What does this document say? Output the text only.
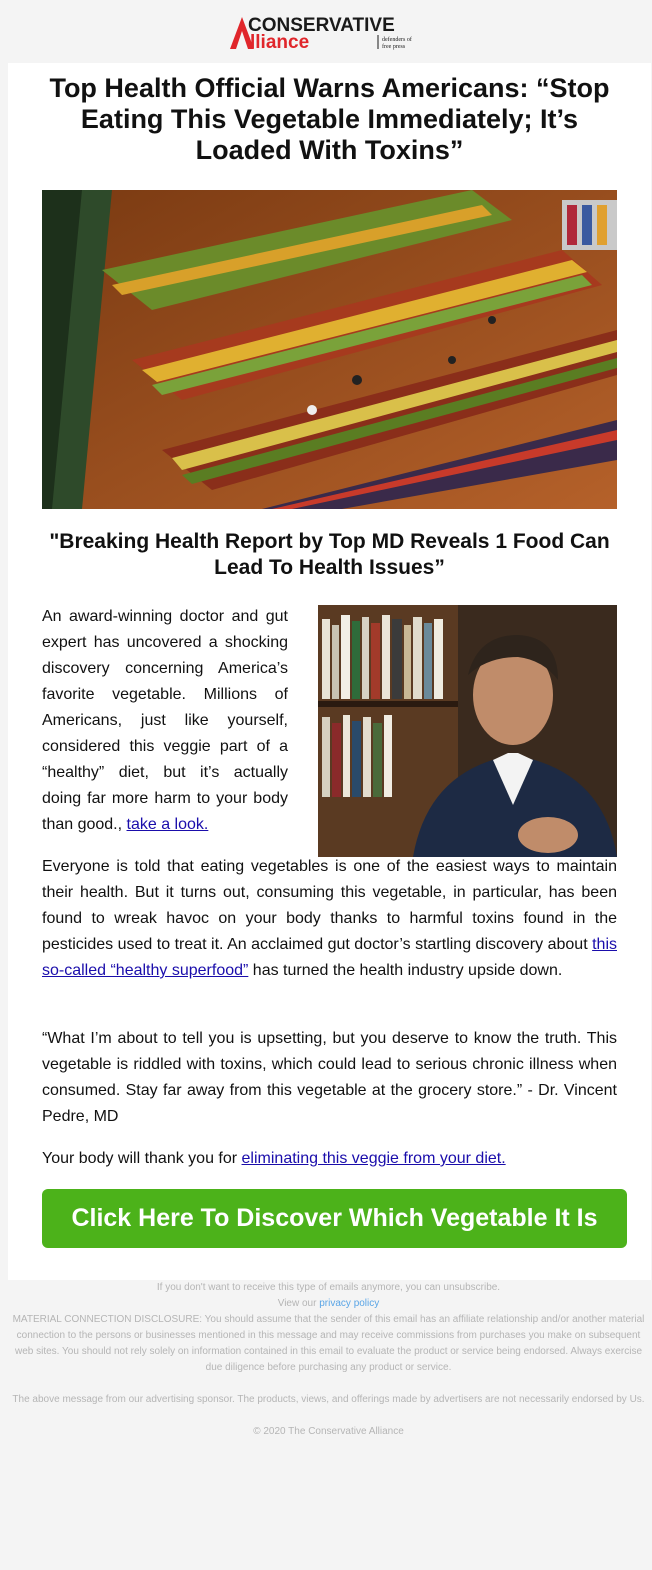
CONSERVATIVE
lliance	defenders of
free press
Top Health Official Warns Americans: “Stop Eating This Vegetable Immediately; It’s Loaded With Toxins”
"Breaking Health Report by Top MD Reveals 1 Food Can Lead To Health Issues”

An award-winning doctor and gut expert has uncovered a shocking discovery concerning America’s favorite vegetable. Millions of Americans, just like yourself, considered this veggie part of a “healthy” diet, but it’s actually doing far more harm to your body than good., take a look.

Everyone is told that eating vegetables is one of the easiest ways to maintain their health. But it turns out, consuming this vegetable, in particular, has been found to wreak havoc on your body thanks to harmful toxins found in the pesticides used to treat it. An acclaimed gut doctor’s startling discovery about this so-called “healthy superfood” has turned the health industry upside down.

“What I’m about to tell you is upsetting, but you deserve to know the truth. This vegetable is riddled with toxins, which could lead to serious chronic illness when consumed. Stay far away from this vegetable at the grocery store.” - Dr. Vincent Pedre, MD

Your body will thank you for eliminating this veggie from your diet.

Click Here To Discover Which Vegetable It Is

If you don't want to receive this type of emails anymore, you can unsubscribe.

View our privacy policy

MATERIAL CONNECTION DISCLOSURE: You should assume that the sender of this email has an affiliate relationship and/or another material connection to the persons or businesses mentioned in this message and may receive commissions from purchases you make on subsequent web sites. You should not rely solely on information contained in this email to evaluate the product or service being endorsed. Always exercise due diligence before purchasing any product or service.

The above message from our advertising sponsor. The products, views, and offerings made by advertisers are not necessarily endorsed by Us.

© 2020 The Conservative Alliance
